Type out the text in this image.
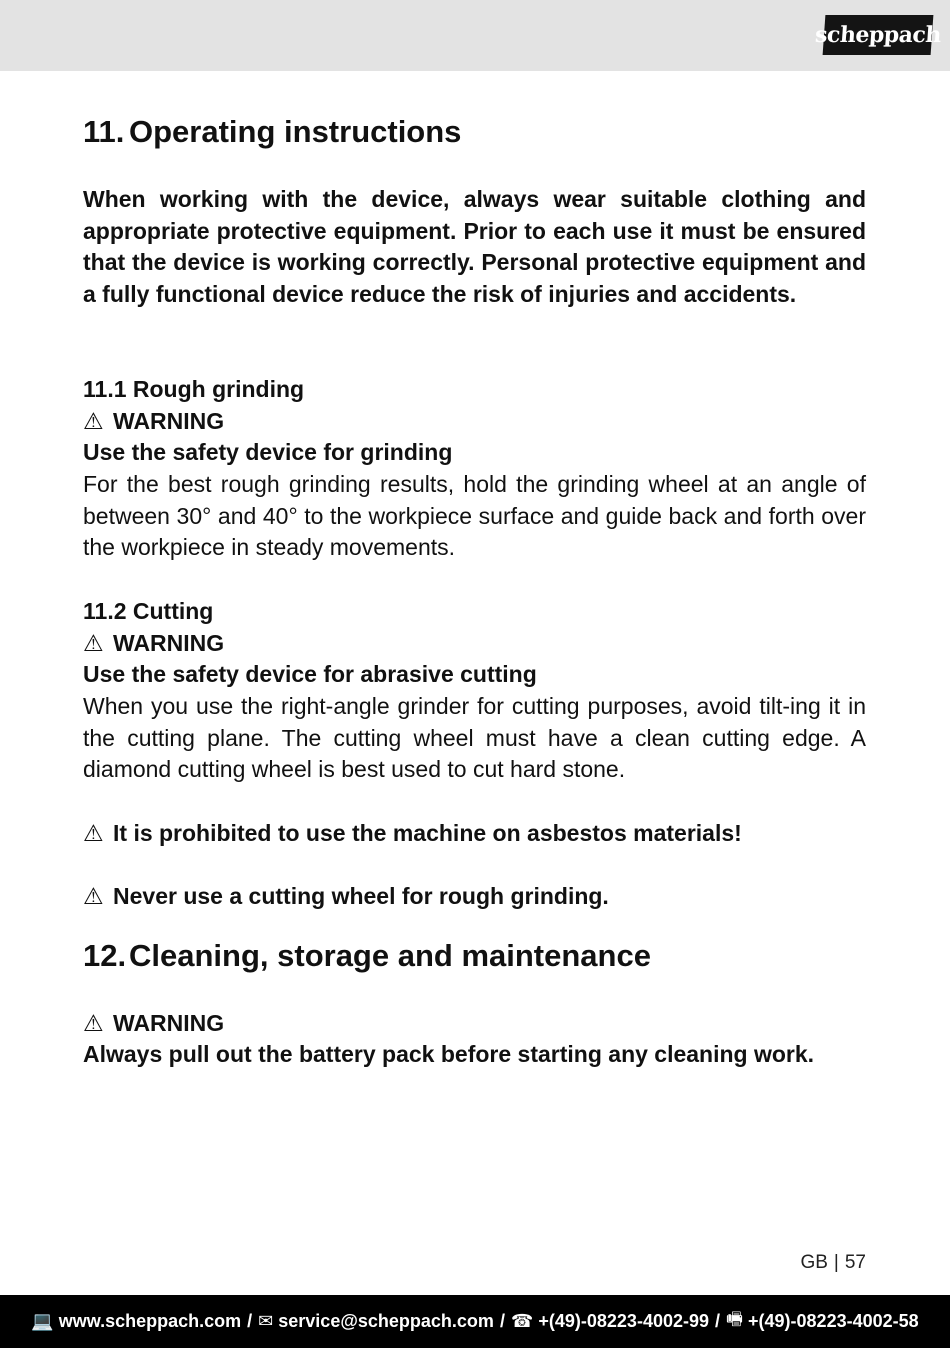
scheppach
11. Operating instructions

When working with the device, always wear suitable clothing and appropriate protective equipment. Prior to each use it must be ensured that the device is working correctly. Personal protective equipment and a fully functional device reduce the risk of injuries and accidents.

11.1 Rough grinding
⚠ WARNING
Use the safety device for grinding

For the best rough grinding results, hold the grinding wheel at an angle of between 30° and 40° to the workpiece surface and guide back and forth over the workpiece in steady movements.

11.2 Cutting
⚠ WARNING
Use the safety device for abrasive cutting

When you use the right-angle grinder for cutting purposes, avoid tilt-ing it in the cutting plane. The cutting wheel must have a clean cutting edge. A diamond cutting wheel is best used to cut hard stone.

⚠ It is prohibited to use the machine on asbestos materials!
⚠ Never use a cutting wheel for rough grinding.
12.Cleaning, storage and maintenance
⚠ WARNING

Always pull out the battery pack before starting any cleaning work.

GB | 57
💻 www.scheppach.com / ✉ service@scheppach.com / ☎ +(49)-08223-4002-99 / 🖷 +(49)-08223-4002-58
